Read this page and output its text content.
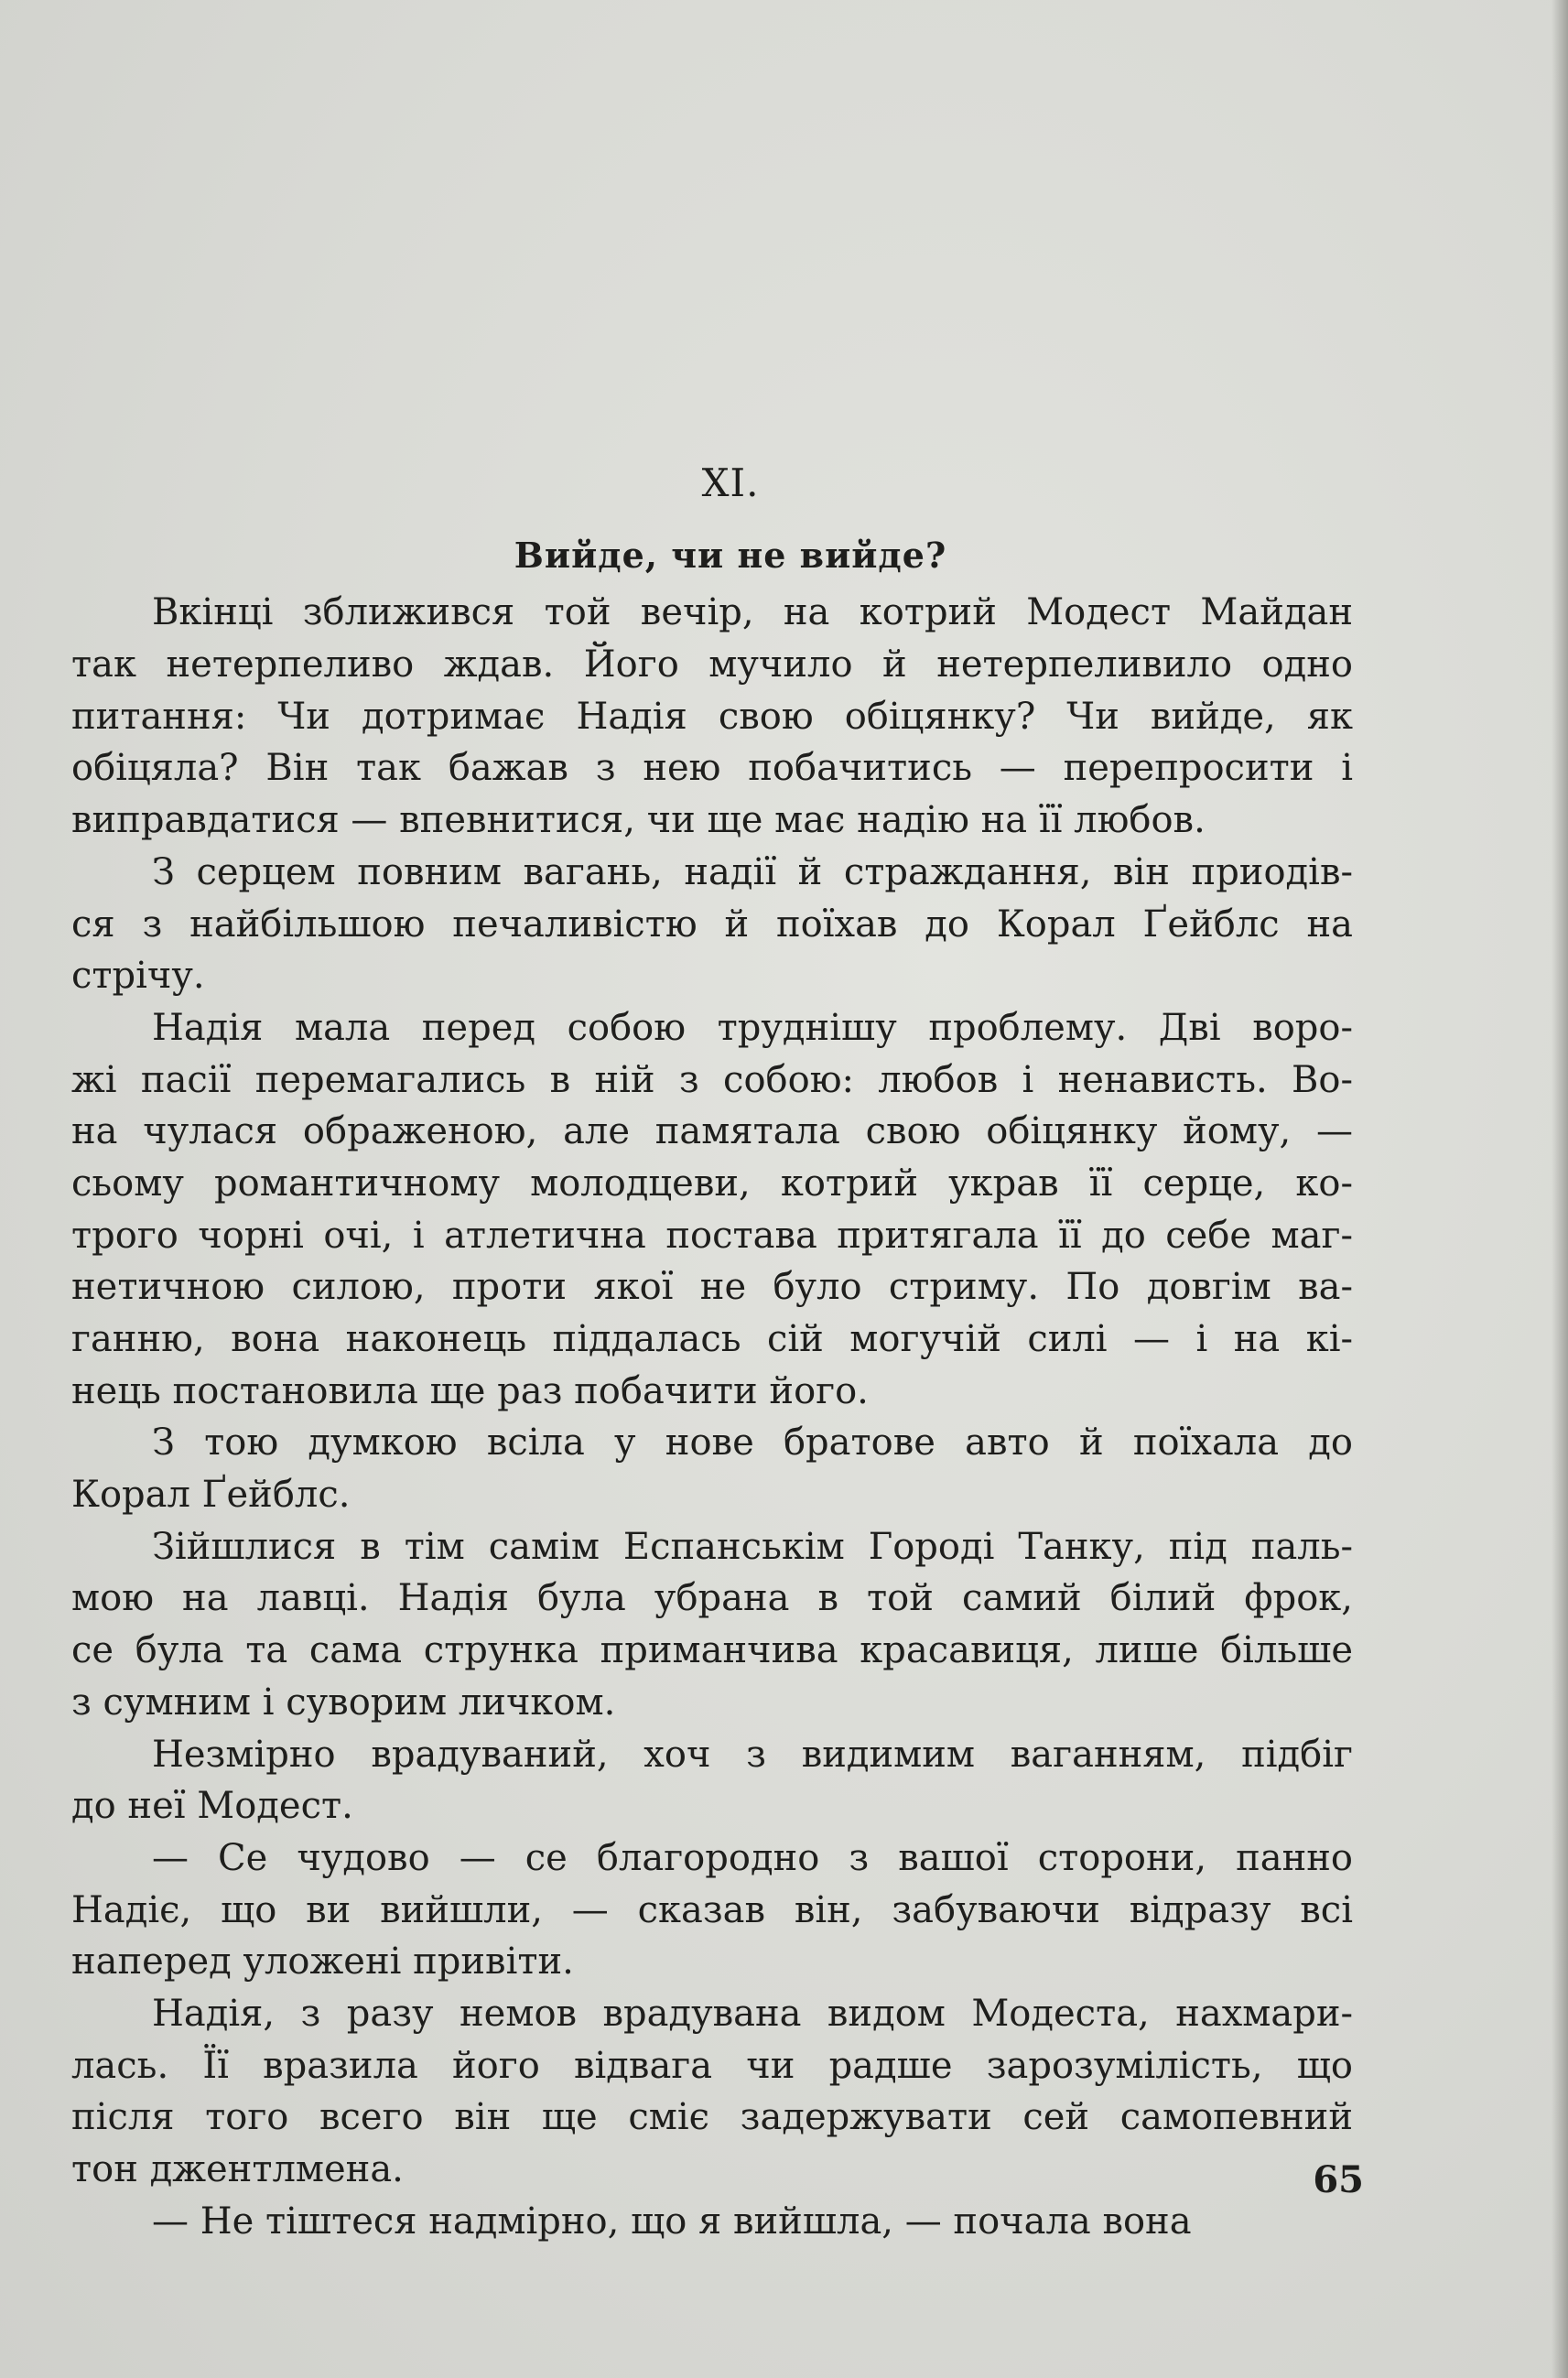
XI.
Вийде, чи не вийде?
Вкінці зближився той вечір, на котрий Модест Майдан
так нетерпеливо ждав. Його мучило й нетерпеливило одно
питання: Чи дотримає Надія свою обіцянку? Чи вийде, як
обіцяла? Він так бажав з нею побачитись — перепросити і
виправдатися — впевнитися, чи ще має надію на її любов.
З серцем повним вагань, надії й страждання, він приодів-
ся з найбільшою печаливістю й поїхав до Корал Ґейблс на
стрічу.
Надія мала перед собою труднішу проблему. Дві воро-
жі пасії перемагались в ній з собою: любов і ненависть. Во-
на чулася ображеною, але памятала свою обіцянку йому, —
сьому романтичному молодцеви, котрий украв її серце, ко-
трого чорні очі, і атлетична постава притягала її до себе маг-
нетичною силою, проти якої не було стриму. По довгім ва-
ганню, вона наконець піддалась сій могучій силі — і на кі-
нець постановила ще раз побачити його.
З тою думкою всіла у нове братове авто й поїхала до
Корал Ґейблс.
Зійшлися в тім самім Еспанськім Городі Танку, під паль-
мою на лавці. Надія була убрана в той самий білий фрок,
се була та сама струнка приманчива красавиця, лише більше
з сумним і суворим личком.
Незмірно врадуваний, хоч з видимим ваганням, підбіг
до неї Модест.
— Се чудово — се благородно з вашої сторони, панно
Надіє, що ви вийшли, — сказав він, забуваючи відразу всі
наперед уложені привіти.
Надія, з разу немов врадувана видом Модеста, нахмари-
лась. Її вразила його відвага чи радше зарозумілість, що
після того всего він ще сміє задержувати сей самопевний
тон джентлмена.
— Не тіштеся надмірно, що я вийшла, — почала вона
65
